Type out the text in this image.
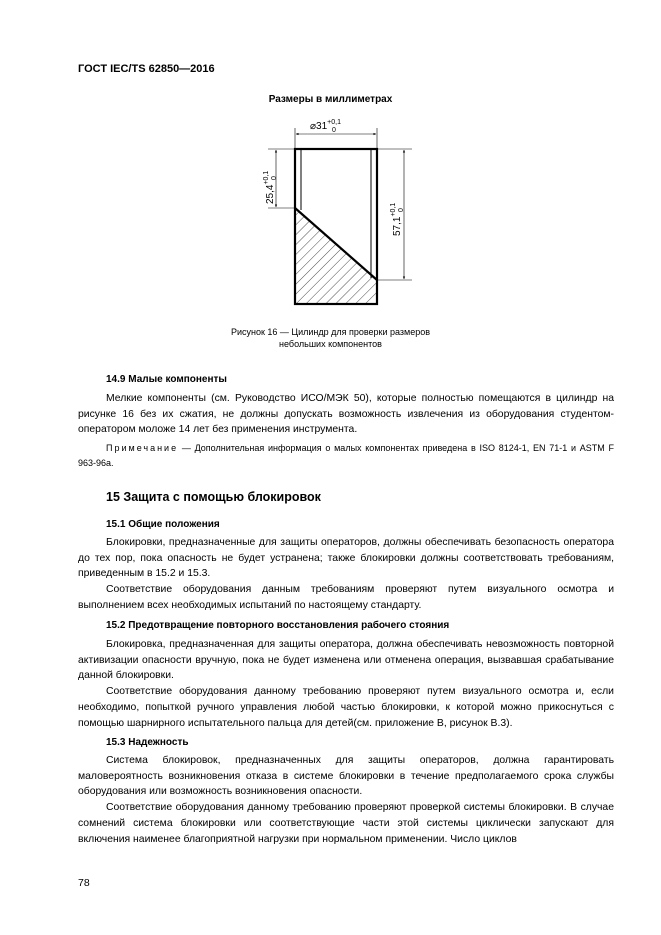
ГОСТ IEC/TS 62850—2016
Размеры в миллиметрах
$⌀31^{+0,1}$
0
$25,4^{+0,1}$ 0
$57,1^{+0,1}$ 0
Рисунок 16 — Цилиндр для проверки размеров
небольших компонентов
14.9 Малые компоненты
Мелкие компоненты (см. Руководство ИСО/МЭК 50), которые полностью помещаются в цилиндр на рисунке 16 без их сжатия, не должны допускать возможность извлечения из оборудования студентом-оператором моложе 14 лет без применения инструмента.
Примечание — Дополнительная информация о малых компонентах приведена в ISO 8124-1, EN 71-1 и ASTM F 963-96а.
15 Защита с помощью блокировок
15.1 Общие положения
Блокировки, предназначенные для защиты операторов, должны обеспечивать безопасность оператора до тех пор, пока опасность не будет устранена; также блокировки должны соответствовать требованиям, приведенным в 15.2 и 15.3.
Соответствие оборудования данным требованиям проверяют путем визуального осмотра и выполнением всех необходимых испытаний по настоящему стандарту.
15.2 Предотвращение повторного восстановления рабочего стояния
Блокировка, предназначенная для защиты оператора, должна обеспечивать невозможность повторной активизации опасности вручную, пока не будет изменена или отменена операция, вызвавшая срабатывание данной блокировки.
Соответствие оборудования данному требованию проверяют путем визуального осмотра и, если необходимо, попыткой ручного управления любой частью блокировки, к которой можно прикоснуться с помощью шарнирного испытательного пальца для детей(см. приложение В, рисунок В.3).
15.3 Надежность
Система блокировок, предназначенных для защиты операторов, должна гарантировать маловероятность возникновения отказа в системе блокировки в течение предполагаемого срока службы оборудования или возможность возникновения опасности.
Соответствие оборудования данному требованию проверяют проверкой системы блокировки. В случае сомнений система блокировки или соответствующие части этой системы циклически запускают для включения наименее благоприятной нагрузки при нормальном применении. Число циклов
78
